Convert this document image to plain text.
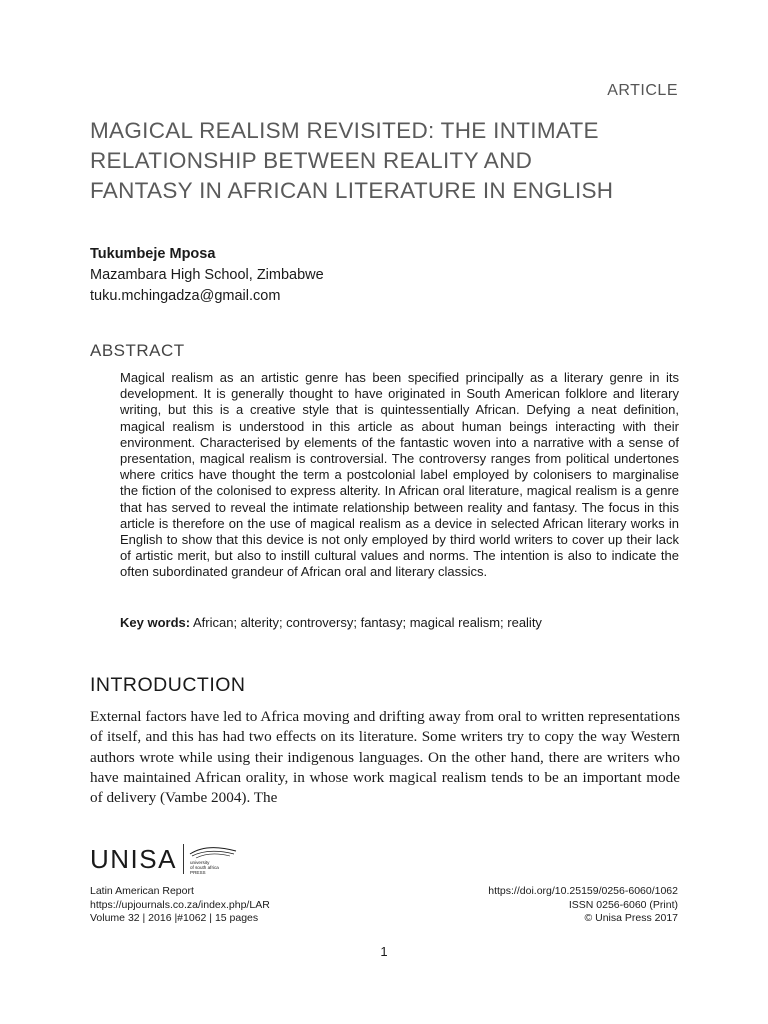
ARTICLE
MAGICAL REALISM REVISITED: THE INTIMATE
RELATIONSHIP BETWEEN REALITY AND
FANTASY IN AFRICAN LITERATURE IN ENGLISH
Tukumbeje Mposa
Mazambara High School, Zimbabwe
tuku.mchingadza@gmail.com
ABSTRACT
Magical realism as an artistic genre has been specified principally as a literary genre in its development. It is generally thought to have originated in South American folklore and literary writing, but this is a creative style that is quintessentially African. Defying a neat definition, magical realism is understood in this article as about human beings interacting with their environment. Characterised by elements of the fantastic woven into a narrative with a sense of presentation, magical realism is controversial. The controversy ranges from political undertones where critics have thought the term a postcolonial label employed by colonisers to marginalise the fiction of the colonised to express alterity. In African oral literature, magical realism is a genre that has served to reveal the intimate relationship between reality and fantasy. The focus in this article is therefore on the use of magical realism as a device in selected African literary works in English to show that this device is not only employed by third world writers to cover up their lack of artistic merit, but also to instill cultural values and norms. The intention is also to indicate the often subordinated grandeur of African oral and literary classics.
Key words: African; alterity; controversy; fantasy; magical realism; reality
INTRODUCTION
External factors have led to Africa moving and drifting away from oral to written representations of itself, and this has had two effects on its literature. Some writers try to copy the way Western authors wrote while using their indigenous languages. On the other hand, there are writers who have maintained African orality, in whose work magical realism tends to be an important mode of delivery (Vambe 2004). The
UNISA	university
of south africa
PRESS
Latin American Report
https://upjournals.co.za/index.php/LAR
Volume 32 | 2016 |#1062 | 15 pages
https://doi.org/10.25159/0256-6060/1062
ISSN 0256-6060 (Print)
© Unisa Press 2017
1
